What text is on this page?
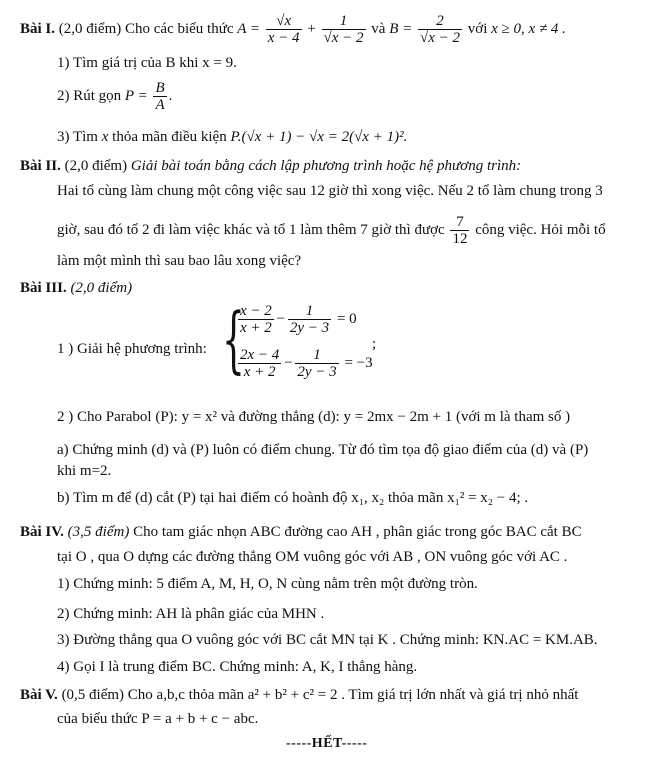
Bài I. (2,0 điểm) Cho các biểu thức $A = \frac{√x}{x - 4} + \frac{1}{√x - 2}$ và $B = \frac{2}{√x - 2}$ với x ≥ 0, x ≠ 4 .
1) Tìm giá trị của B khi x = 9.
2) Rút gọn $P = \frac{B}{A}$ .
3) Tìm x thỏa mãn điều kiện P.(√x + 1) − √x = 2(√x + 1)².
Bài II. (2,0 điểm) Giải bài toán bằng cách lập phương trình hoặc hệ phương trình:
Hai tổ cùng làm chung một công việc sau 12 giờ thì xong việc. Nếu 2 tổ làm chung trong 3
giờ, sau đó tổ 2 đi làm việc khác và tổ 1 làm thêm 7 giờ thì được $\frac{7}{12}$ công việc. Hỏi mỗi tổ
làm một mình thì sau bao lâu xong việc?
Bài III. (2,0 điểm)
1 ) Giải hệ phương trình: {
$\frac{x - 2}{x + 2} - \frac{1}{2y - 3} = 0$
$\frac{2x - 4}{x + 2} - \frac{1}{2y - 3} = -3$
;
2 ) Cho Parabol (P): y = x² và đường thẳng (d): y = 2mx − 2m + 1 (với m là tham số )
a) Chứng minh (d) và (P) luôn có điểm chung. Từ đó tìm tọa độ giao điểm của (d) và (P)
khi m=2.
b) Tìm m để (d) cắt (P) tại hai điểm có hoành độ x₁, x₂ thỏa mãn x₁² = x₂ − 4; .
Bài IV. (3,5 điểm) Cho tam giác nhọn ABC đường cao AH , phân giác trong góc BAC cắt BC
tại O , qua O dựng các đường thẳng OM vuông góc với AB , ON vuông góc với AC .
1) Chứng minh: 5 điểm A, M, H, O, N cùng nằm trên một đường tròn.
2) Chứng minh: AH là phân giác của MHN .
3) Đường thẳng qua O vuông góc với BC cắt MN tại K . Chứng minh: KN.AC = KM.AB.
4) Gọi I là trung điểm BC. Chứng minh: A, K, I thẳng hàng.
Bài V. (0,5 điểm) Cho a,b,c thỏa mãn a² + b² + c² = 2 . Tìm giá trị lớn nhất và giá trị nhỏ nhất
của biểu thức P = a + b + c − abc.
-----HẾT-----
